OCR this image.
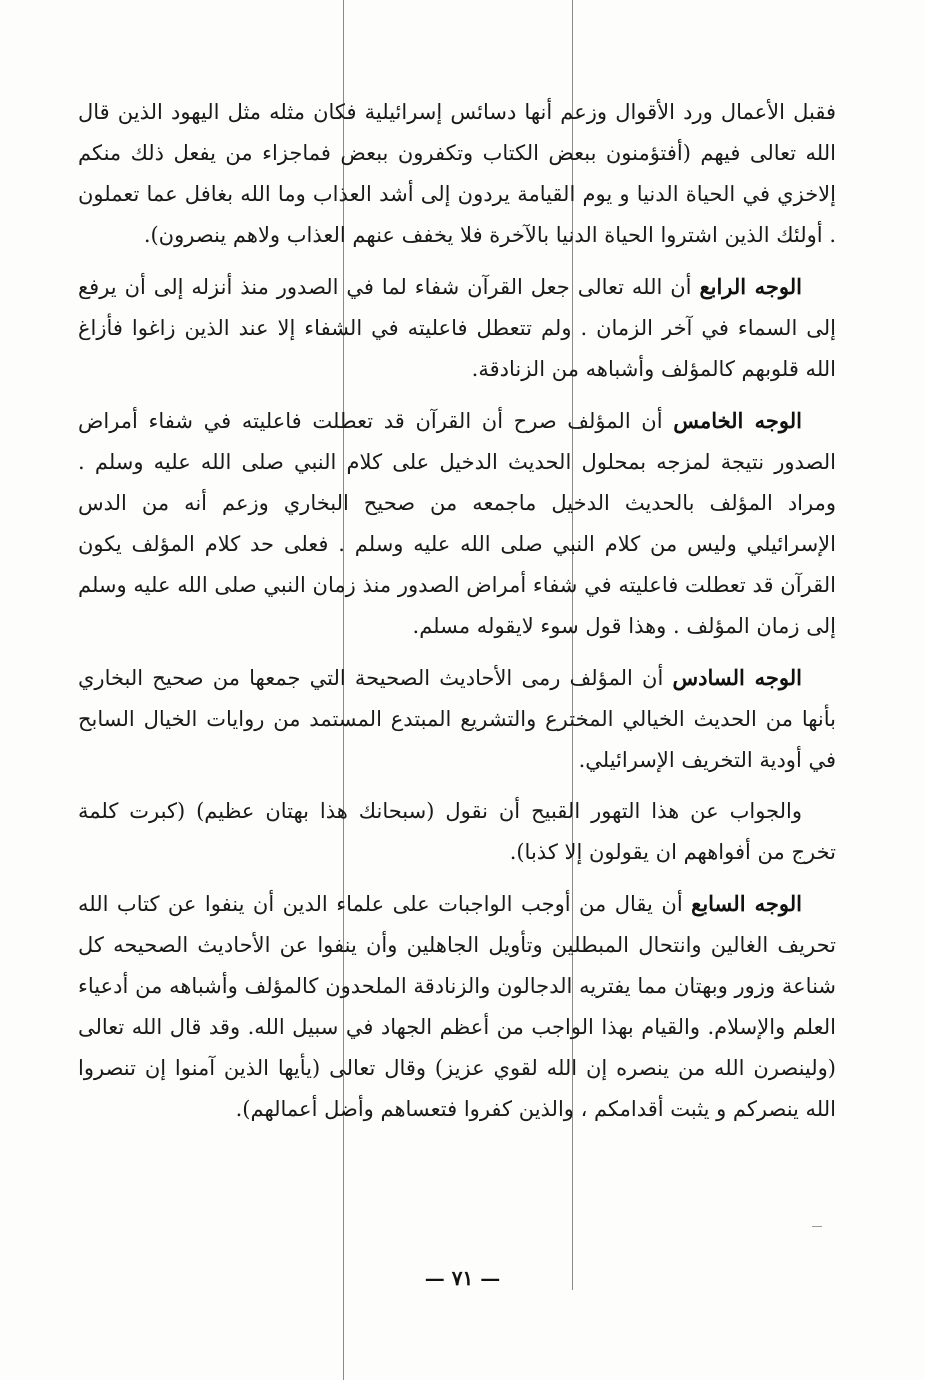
فقبل الأعمال ورد الأقوال وزعم أنها دسائس إسرائيلية فكان مثله مثل اليهود الذين قال الله تعالى فيهم (أفتؤمنون ببعض الكتاب وتكفرون ببعض فماجزاء من يفعل ذلك منكم إلاخزي في الحياة الدنيا و يوم القيامة يردون إلى أشد العذاب وما الله بغافل عما تعملون . أولئك الذين اشتروا الحياة الدنيا بالآخرة فلا يخفف عنهم العذاب ولاهم ينصرون).

الوجه الرابع أن الله تعالى جعل القرآن شفاء لما في الصدور منذ أنزله إلى أن يرفع إلى السماء في آخر الزمان . ولم تتعطل فاعليته في الشفاء إلا عند الذين زاغوا فأزاغ الله قلوبهم كالمؤلف وأشباهه من الزنادقة.

الوجه الخامس أن المؤلف صرح أن القرآن قد تعطلت فاعليته في شفاء أمراض الصدور نتيجة لمزجه بمحلول الحديث الدخيل على كلام النبي صلى الله عليه وسلم . ومراد المؤلف بالحديث الدخيل ماجمعه من صحيح البخاري وزعم أنه من الدس الإسرائيلي وليس من كلام النبي صلى الله عليه وسلم . فعلى حد كلام المؤلف يكون القرآن قد تعطلت فاعليته في شفاء أمراض الصدور منذ زمان النبي صلى الله عليه وسلم إلى زمان المؤلف . وهذا قول سوء لايقوله مسلم.

الوجه السادس أن المؤلف رمى الأحاديث الصحيحة التي جمعها من صحيح البخاري بأنها من الحديث الخيالي المخترع والتشريع المبتدع المستمد من روايات الخيال السابح في أودية التخريف الإسرائيلي.

والجواب عن هذا التهور القبيح أن نقول (سبحانك هذا بهتان عظيم) (كبرت كلمة تخرج من أفواههم ان يقولون إلا كذبا).

الوجه السابع أن يقال من أوجب الواجبات على علماء الدين أن ينفوا عن كتاب الله تحريف الغالين وانتحال المبطلين وتأويل الجاهلين وأن ينفوا عن الأحاديث الصحيحه كل شناعة وزور وبهتان مما يفتريه الدجالون والزنادقة الملحدون كالمؤلف وأشباهه من أدعياء العلم والإسلام. والقيام بهذا الواجب من أعظم الجهاد في سبيل الله. وقد قال الله تعالى (ولينصرن الله من ينصره إن الله لقوي عزيز) وقال تعالى (يأيها الذين آمنوا إن تنصروا الله ينصركم و يثبت أقدامكم ، والذين كفروا فتعساهم وأضل أعمالهم).

— ٧١ —
